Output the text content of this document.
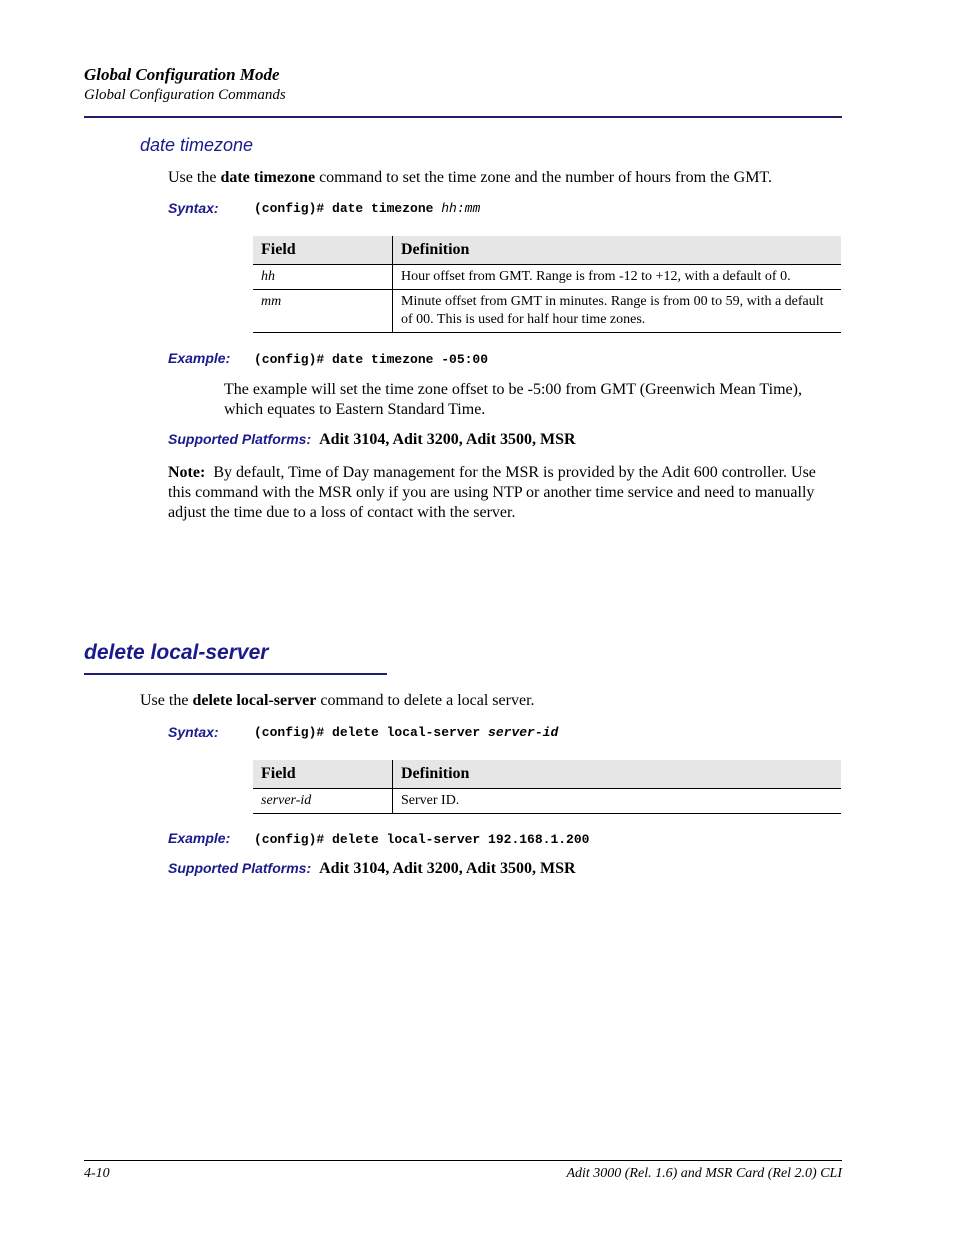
Global Configuration Mode
Global Configuration Commands
date timezone
Use the date timezone command to set the time zone and the number of hours from the GMT.
Syntax:	(config)# date timezone hh:mm
Field	Definition
hh	Hour offset from GMT. Range is from -12 to +12, with a default of 0.
mm	Minute offset from GMT in minutes. Range is from 00 to 59, with a default of 00. This is used for half hour time zones.
Example: (config)# date timezone -05:00
The example will set the time zone offset to be -5:00 from GMT (Greenwich Mean Time), which equates to Eastern Standard Time.
Supported Platforms: Adit 3104, Adit 3200, Adit 3500, MSR
Note: By default, Time of Day management for the MSR is provided by the Adit 600 controller. Use this command with the MSR only if you are using NTP or another time service and need to manually adjust the time due to a loss of contact with the server.
delete local-server
Use the delete local-server command to delete a local server.
Syntax:	(config)# delete local-server server-id
Field	Definition
server-id	Server ID.
Example: (config)# delete local-server 192.168.1.200
Supported Platforms: Adit 3104, Adit 3200, Adit 3500, MSR
4-10	Adit 3000 (Rel. 1.6) and MSR Card (Rel 2.0) CLI
